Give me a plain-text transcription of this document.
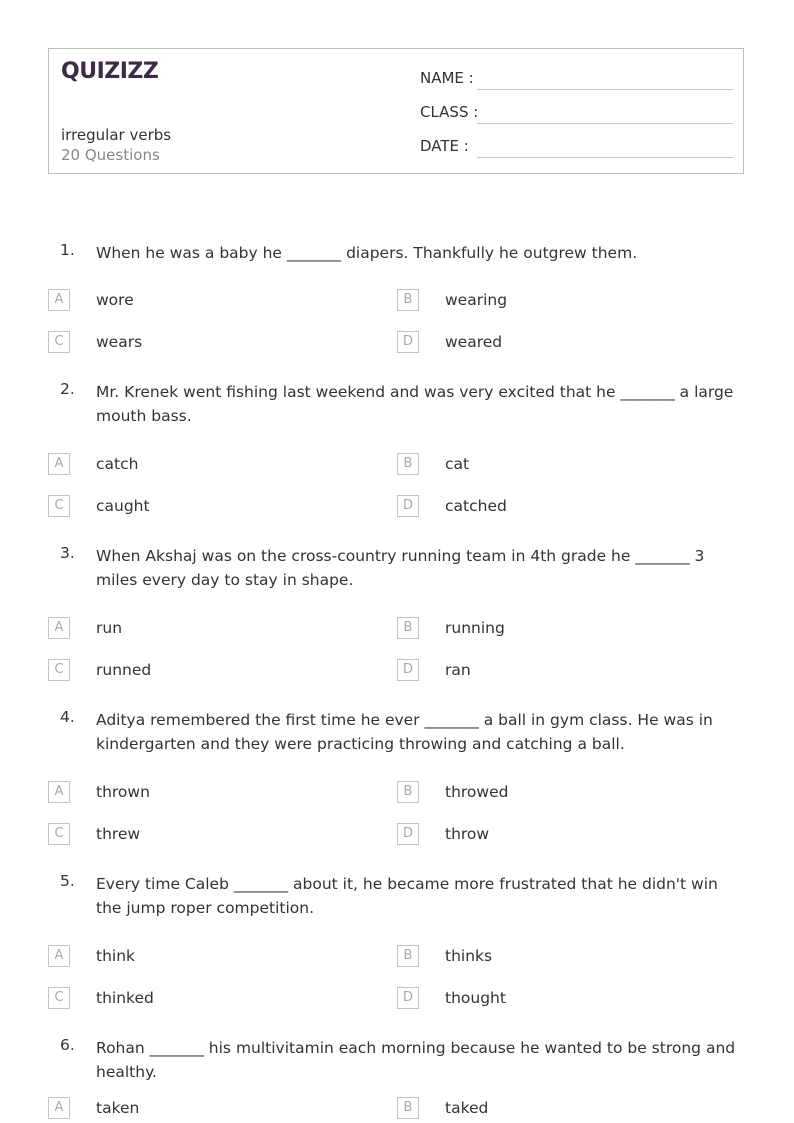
QUIZIZZ
irregular verbs
20 Questions
NAME :
CLASS :
DATE :
1. When he was a baby he _______ diapers. Thankfully he outgrew them.
A	wore	B	wearing
C	wears	D	weared
2. Mr. Krenek went fishing last weekend and was very excited that he _______ a large mouth bass.
A	catch	B	cat
C	caught	D	catched
3. When Akshaj was on the cross-country running team in 4th grade he _______ 3 miles every day to stay in shape.
A	run	B	running
C	runned	D	ran
4. Aditya remembered the first time he ever _______ a ball in gym class. He was in kindergarten and they were practicing throwing and catching a ball.
A	thrown	B	throwed
C	threw	D	throw
5. Every time Caleb _______ about it, he became more frustrated that he didn't win the jump roper competition.
A	think	B	thinks
C	thinked	D	thought
6. Rohan _______ his multivitamin each morning because he wanted to be strong and healthy.
A	taken	B	taked
